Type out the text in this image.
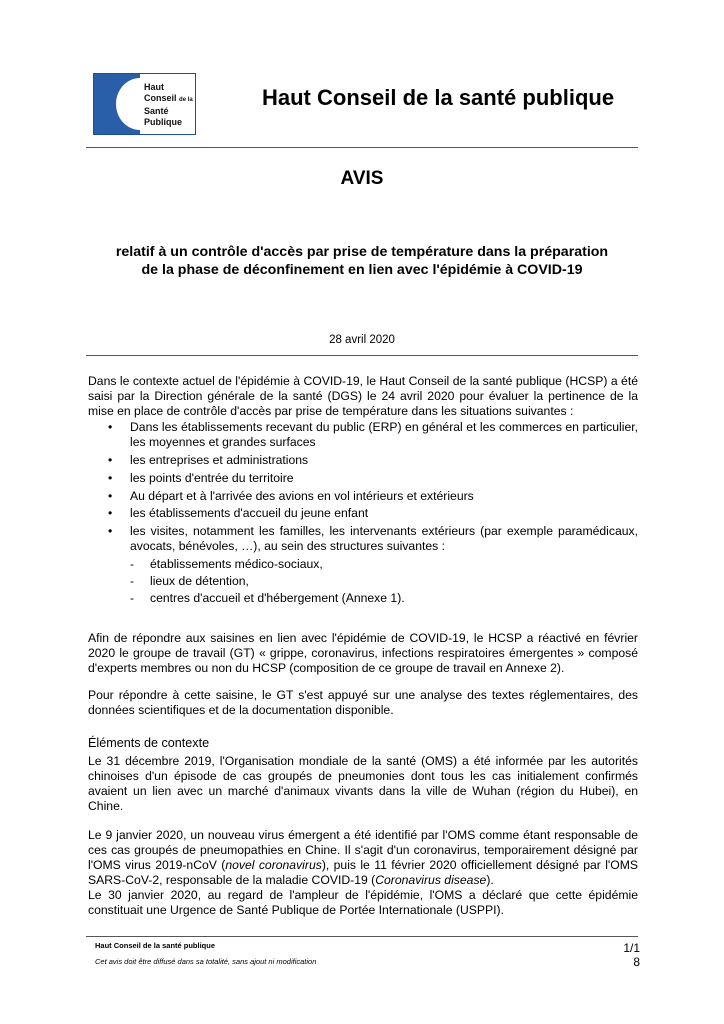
Haut
Conseil de la
Santé
Publique
Haut Conseil de la santé publique
AVIS
relatif à un contrôle d'accès par prise de température dans la préparation
de la phase de déconfinement en lien avec l'épidémie à COVID-19
28 avril 2020

Dans le contexte actuel de l'épidémie à COVID-19, le Haut Conseil de la santé publique (HCSP) a été saisi par la Direction générale de la santé (DGS) le 24 avril 2020 pour évaluer la pertinence de la mise en place de contrôle d'accès par prise de température dans les situations suivantes :

• Dans les établissements recevant du public (ERP) en général et les commerces en particulier, les moyennes et grandes surfaces
• les entreprises et administrations
• les points d'entrée du territoire
• Au départ et à l'arrivée des avions en vol intérieurs et extérieurs
• les établissements d'accueil du jeune enfant
• les visites, notamment les familles, les intervenants extérieurs (par exemple paramédicaux, avocats, bénévoles, …), au sein des structures suivantes :
- établissements médico-sociaux,
- lieux de détention,
- centres d'accueil et d'hébergement (Annexe 1).

Afin de répondre aux saisines en lien avec l'épidémie de COVID-19, le HCSP a réactivé en février 2020 le groupe de travail (GT) « grippe, coronavirus, infections respiratoires émergentes » composé d'experts membres ou non du HCSP (composition de ce groupe de travail en Annexe 2).

Pour répondre à cette saisine, le GT s'est appuyé sur une analyse des textes réglementaires, des données scientifiques et de la documentation disponible.

Éléments de contexte

Le 31 décembre 2019, l'Organisation mondiale de la santé (OMS) a été informée par les autorités chinoises d'un épisode de cas groupés de pneumonies dont tous les cas initialement confirmés avaient un lien avec un marché d'animaux vivants dans la ville de Wuhan (région du Hubei), en Chine.

Le 9 janvier 2020, un nouveau virus émergent a été identifié par l'OMS comme étant responsable de ces cas groupés de pneumopathies en Chine. Il s'agit d'un coronavirus, temporairement désigné par l'OMS virus 2019-nCoV (novel coronavirus), puis le 11 février 2020 officiellement désigné par l'OMS SARS-CoV-2, responsable de la maladie COVID-19 (Coronavirus disease).

Le 30 janvier 2020, au regard de l'ampleur de l'épidémie, l'OMS a déclaré que cette épidémie constituait une Urgence de Santé Publique de Portée Internationale (USPPI).

Haut Conseil de la santé publique
Cet avis doit être diffusé dans sa totalité, sans ajout ni modification
1/1
8
